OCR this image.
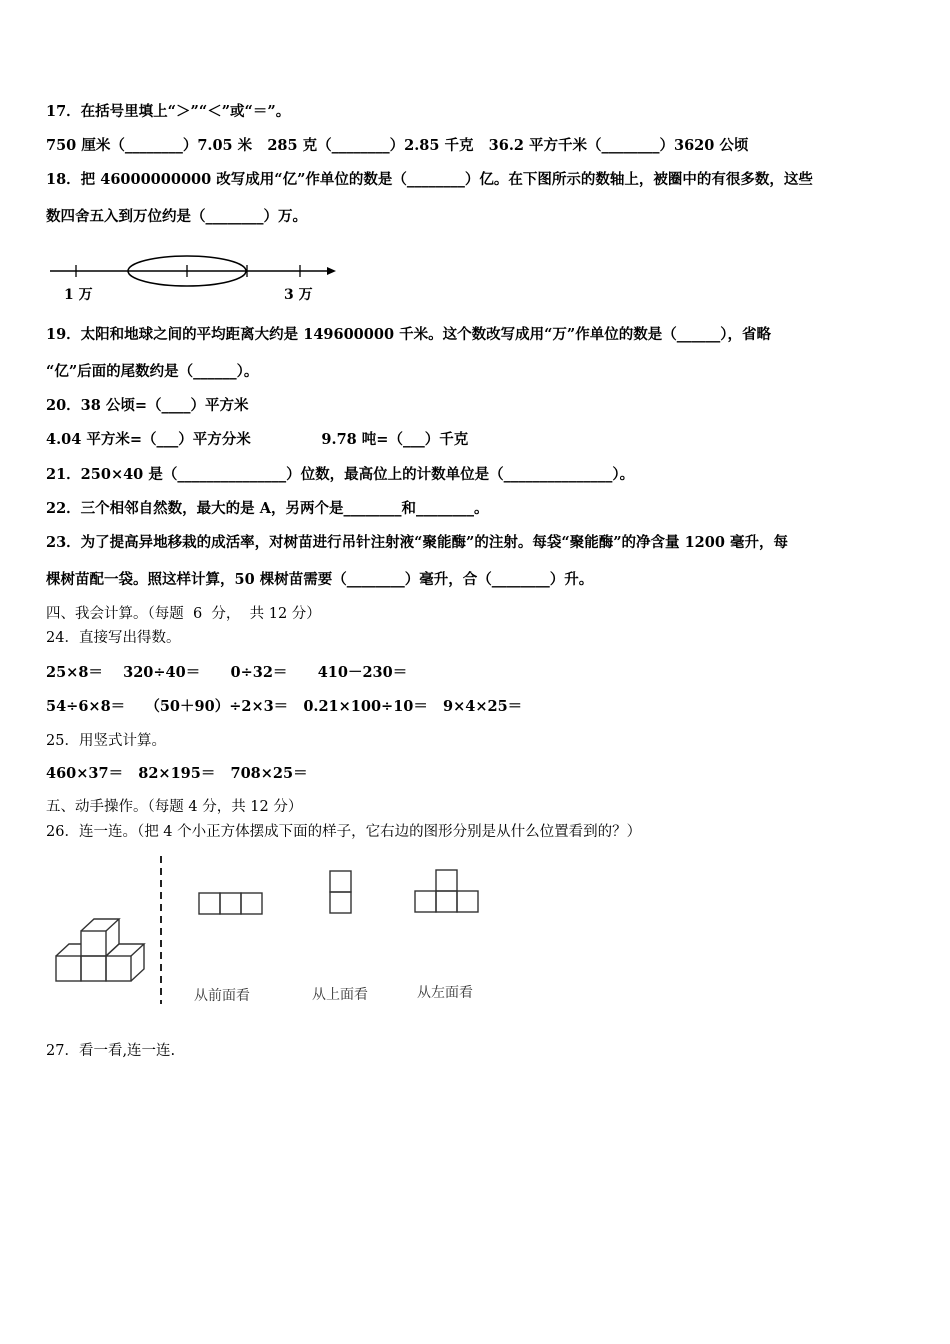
17．在括号里填上“＞”“＜”或“＝”。
750 厘米（________）7.05 米   285 克（________）2.85 千克   36.2 平方千米（________）3620 公顷
18．把 46000000000 改写成用“亿”作单位的数是（________）亿。在下图所示的数轴上，被圈中的有很多数，这些
数四舍五入到万位约是（________）万。
1 万	3 万
19．太阳和地球之间的平均距离大约是 149600000 千米。这个数改写成用“万”作单位的数是（______），省略
“亿”后面的尾数约是（______）。
20．38 公顷=（____）平方米
4.04 平方米=（___）平方分米              9.78 吨=（___）千克
21．250×40 是（_______________）位数，最高位上的计数单位是（_______________）。
22．三个相邻自然数，最大的是 A，另两个是________和________。
23．为了提高异地移栽的成活率，对树苗进行吊针注射液“聚能酶”的注射。每袋“聚能酶”的净含量 1200 毫升，每
棵树苗配一袋。照这样计算，50 棵树苗需要（________）毫升，合（________）升。
四、我会计算。（每题  6  分，  共 12 分）
24．直接写出得数。
25×8＝    320÷40＝      0÷32＝      410－230＝
54÷6×8＝    （50＋90）÷2×3＝   0.21×100÷10＝   9×4×25＝
25．用竖式计算。
460×37＝   82×195＝   708×25＝
五、动手操作。（每题 4 分，共 12 分）
26．连一连。（把 4 个小正方体摆成下面的样子，它右边的图形分别是从什么位置看到的？）
从前面看	从上面看	从左面看
27．看一看,连一连.
